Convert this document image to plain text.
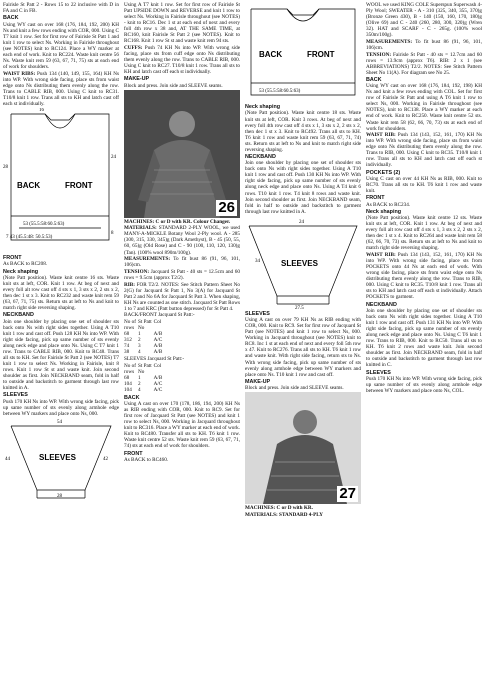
Fairisle St Patt 2 - Rows 15 to 22 inclusive with D in FA and C in FB.

BACK

Using WY cast on over 168 (176, 184, 192, 200) KH Ns and knit a few rows ending with COR, 000. Using C T7 knit 1 row. Set for first row of Fairisle St Patt 1 and knit 1 row to select Ns. Working in Fairisle throughout (see NOTES) knit to RC124. Place a WY marker at each end of work. Knit to RC224. Waste knit centre 56 Ns. Waste knit rem 59 (63, 67, 71, 75) sts at each end of work for shoulders.

WAIST RIBS: Push 134 (140, 149, 155, 164) KH Ns into WP. With wrong side facing, place sts from waist edge onto Ns distributing them evenly along the row. Trans to CABLE RIB, 000. Using C knit to RC31. T10/8 knit 1 row. Trans all sts to KH and latch cast off each st individually.

16
28
24
BACK	FRONT
53 (55.5:58:60.5:63)
7 43 (45.5:48: 50.5:53)
8
FRONT

As BACK to RC208.

Neck shaping

(Note Patt position). Waste knit centre 16 sts. Waste knit sts at left, COR. Knit 1 row. At beg of next and every foll alt row cast off 4 sts x 1, 3 sts x 2, 2 sts x 2, then dec 1 st x 3. Knit to RC232 and waste knit rem 59 (63, 67, 71, 75) sts. Return sts at left to Ns and knit to match right side reversing shaping.

NECKBAND

Join one shoulder by placing one set of shoulder sts back onto Ns with right sides together. Using A T10 knit 1 row and cast off. Push 128 KH Ns into WP. With right side facing, pick up same number of sts evenly along neck edge and place onto Ns. Using C T7 knit 1 row. Trans to CABLE RIB, 000. Knit to RC48. Trans all sts to KH. Set for Fairisle St Patt 2 (see NOTES) T7 knit 1 row to select Ns. Working in Fairisle, knit 8 rows. Knit 1 row St st and waste knit. Join second shoulder as first. Join NECKBAND seam, fold in half to outside and backstitch to garment through last row knitted in A.

SLEEVES

Push 170 KH Ns into WP. With wrong side facing, pick up same number of sts evenly along armhole edge between WY markers and place onto Ns, 000.

54
SLEEVES
44	42
28

Using A T7 knit 1 row. Set for first row of Fairisle St Patt UPSIDE DOWN and REVERSE and knit 1 row to select Ns. Working in Fairisle throughout (see NOTES) - knit to RC16. Dec 1 st at each end of next and every foll 4th row x 38 and, AT THE SAME TIME, at RC160, knit Fairisle St Patt 2 (see NOTES). Knit to RC168. Knit 1 row St st and waste knit rem 94 sts.

CUFFS: Push 74 KH Ns into WP. With wrong side facing, place sts from cuff edge onto Ns distributing them evenly along the row. Trans to CABLE RIB, 000. Using C knit to RC27. T10/8 knit 1 row. Trans all sts to KH and latch cast off each st individually.

MAKE-UP

Block and press. Join side and SLEEVE seams.

26

MACHINES: C or D with KR. Colour Changer.

MATERIALS: STANDARD 2-PLY WOOL, we used MANY-A-MICKLE Botany Wool 2-Ply wool. A - 285 (300, 315, 330, 345)g (Dark Amethyst), B - 45 (50, 55, 60, 65)g (Old Rose) and C - 90 (100, 110, 120, 130)g (Tan). (100% wool 890m/100g).

MEASUREMENTS: To fit bust 86 (91, 96, 101, 106)cm.

TENSION: Jacquard St Patt - 40 sts = 12.5cm and 60 rows = 9.5cm (approx T2/2).

RIB: FOR T2/2. NOTES: See Stitch Pattern Sheet No 2(G) for Jacquard St Patt 1, No 3(A) for Jacquard St Patt 2 and No 6A for Jacquard St Patt 3. When shaping, KH Ns are counted as one stitch. Jacquard St Patt Rows 1 to 7 and KRC (Patt button depressed) for St Patt 4.

BACK/FRONT Jacquard St Patt:-

No of	St Patt	Col
rows	No	
68	1	A/B
312	2	A/C
74	3	A/B
38	4	A/B

SLEEVES Jacquard St Patt:-

No of	St Patt	Col
rows	No	
68	1	A/B
104	2	A/C
104	4	A/C
BACK

Using A cast on over 170 (178, 186, 194, 200) KH Ns as RIB ending with COR, 000. Knit to RC9. Set for first row of Jacquard St Patt (see NOTES) and knit 1 row to select Ns, 000. Working in Jacquard throughout knit to RC316. Place a WY marker at each end of work. Knit to RC480. Transfer all sts to KH. T6 knit 1 row. Waste knit centre 52 sts. Waste knit rem 59 (63, 67, 71, 74) sts at each end of work for shoulders.

FRONT

As BACK to RC460.

BACK	FRONT
53 (55.5:58:60.5:63)
Neck shaping

(Note Patt position). Waste knit centre 18 sts. Waste knit sts at left, COR. Knit 3 rows. At beg of next and every foll 4th row cast off 4 sts x 1, 3 sts x 2, 2 sts x 2, then dec 1 st x 3. Knit to RC492. Trans all sts to KH. T6 knit 1 row and waste knit rem 59 (63, 67, 71, 74) sts. Return sts at left to Ns and knit to match right side reversing shaping.

NECKBAND

Join one shoulder by placing one set of shoulder sts back onto Ns with right sides together. Using A T10 knit 1 row and cast off. Push 130 KH Ns into WP. With right side facing, pick up same number of sts evenly along neck edge and place onto Ns. Using A T4 knit 6 rows. T10 knit 1 row. T4 knit 8 rows and waste knit. Join second shoulder as first. Join NECKBAND seam, fold in half to outside and backstitch to garment through last row knitted in A.

24
34	SLEEVES
27.5
SLEEVES

Using A cast on over 79 KH Ns as RIB ending with COR, 000. Knit to RC9. Set for first row of Jacquard St Patt (see NOTES) and knit 1 row to select Ns, 000. Working in Jacquard throughout (see NOTES) knit to RC8. Inc 1 st at each end of next and every foll 5th row x 47. Knit to RC276. Trans all sts to KH. T6 knit 1 row and waste knit. With right side facing, return sts to Ns. With wrong side facing, pick up same number of sts evenly along armhole edge between WY markers and place onto Ns. T10 knit 1 row and cast off.

MAKE-UP

Block and press. Join side and SLEEVE seams.

27

MACHINES: C or D with KR.

MATERIALS: STANDARD 4-PLY

WOOL we used KING COLE Superspun Superwash 4-Ply Wool; SWEATER - A - 310 (325, 340, 355, 370)g (Bronze Green 430), B - 140 (150, 160, 170, 180)g (Olive 69) and C - 240 (260, 280, 300, 320)g (Wren 32). HAT and SCARF - C - 265g. (100% wool 350m/100g).

MEASUREMENTS: To fit bust 86 (91, 96, 101, 106)cm.

TENSION: Fairisle St Patt - 40 sts = 12.7cm and 60 rows = 13.9cm (approx T6). RIB: 2 x 1 (see ABBREVIATIONS) T2/2. NOTES: See Stitch Pattern Sheet No 11(A). For diagram see No 25.

BACK

Using WY cast on over 168 (176, 184, 192, 198) KH Ns and knit a few rows ending with COL. Set for first row of Fairisle St Patt and using A T6 knit 1 row to select Ns, 000. Working in Fairisle throughout (see NOTES), knit to RC138. Place a WY marker at each end of work. Knit to RC250. Waste knit centre 52 sts. Waste knit rem 58 (62, 66, 70, 73) sts at each end of work for shoulders.

WAIST RIB: Push 134 (143, 152, 161, 170) KH Ns into WP. With wrong side facing, place sts from waist edge onto Ns distributing them evenly along the row. Trans to RIB, 000. Using C knit to RC35. T10/8 knit 1 row. Trans all sts to KH and latch cast off each st individually.

POCKETS (2)

Using C cast on over 44 KH Ns as RIB, 000. Knit to RC70. Trans all sts to KH. T6 knit 1 row and waste knit.

FRONT

As BACK to RC234.

Neck shaping

(Note Patt position). Waste knit centre 12 sts. Waste knit sts at left, COR. Knit 1 row. At beg of next and every foll alt row cast off 4 sts x 1, 3 sts x 2, 2 sts x 2, then dec 1 st x 4. Knit to RC264 and waste knit rem 58 (62, 66, 70, 73) sts. Return sts at left to Ns and knit to match right side reversing shaping.

WAIST RIB: Push 134 (143, 152, 161, 170) KH Ns into WP. With wrong side facing, place sts from POCKETS onto 44 Ns at each end of work. With wrong side facing, place sts from waist edge onto Ns distributing them evenly along the row. Trans to RIB, 000. Using C knit to RC35. T10/8 knit 1 row. Trans all sts to KH and latch cast off each st individually. Attach POCKETS to garment.

NECKBAND

Join one shoulder by placing one set of shoulder sts back onto Ns with right sides together. Using A T10 knit 1 row and cast off. Push 131 KH Ns into WP. With right side facing, pick up same number of sts evenly along neck edge and place onto Ns. Using C T6 knit 1 row. Trans to RIB, 000. Knit to RC50. Trans all sts to KH. T6 knit 2 rows and waste knit. Join second shoulder as first. Join NECKBAND seam, fold in half to outside and backstitch to garment through last row knitted in C.

SLEEVES

Push 170 KH Ns into WP. With wrong side facing, pick up same number of sts evenly along armhole edge between WY markers and place onto Ns, COL.
